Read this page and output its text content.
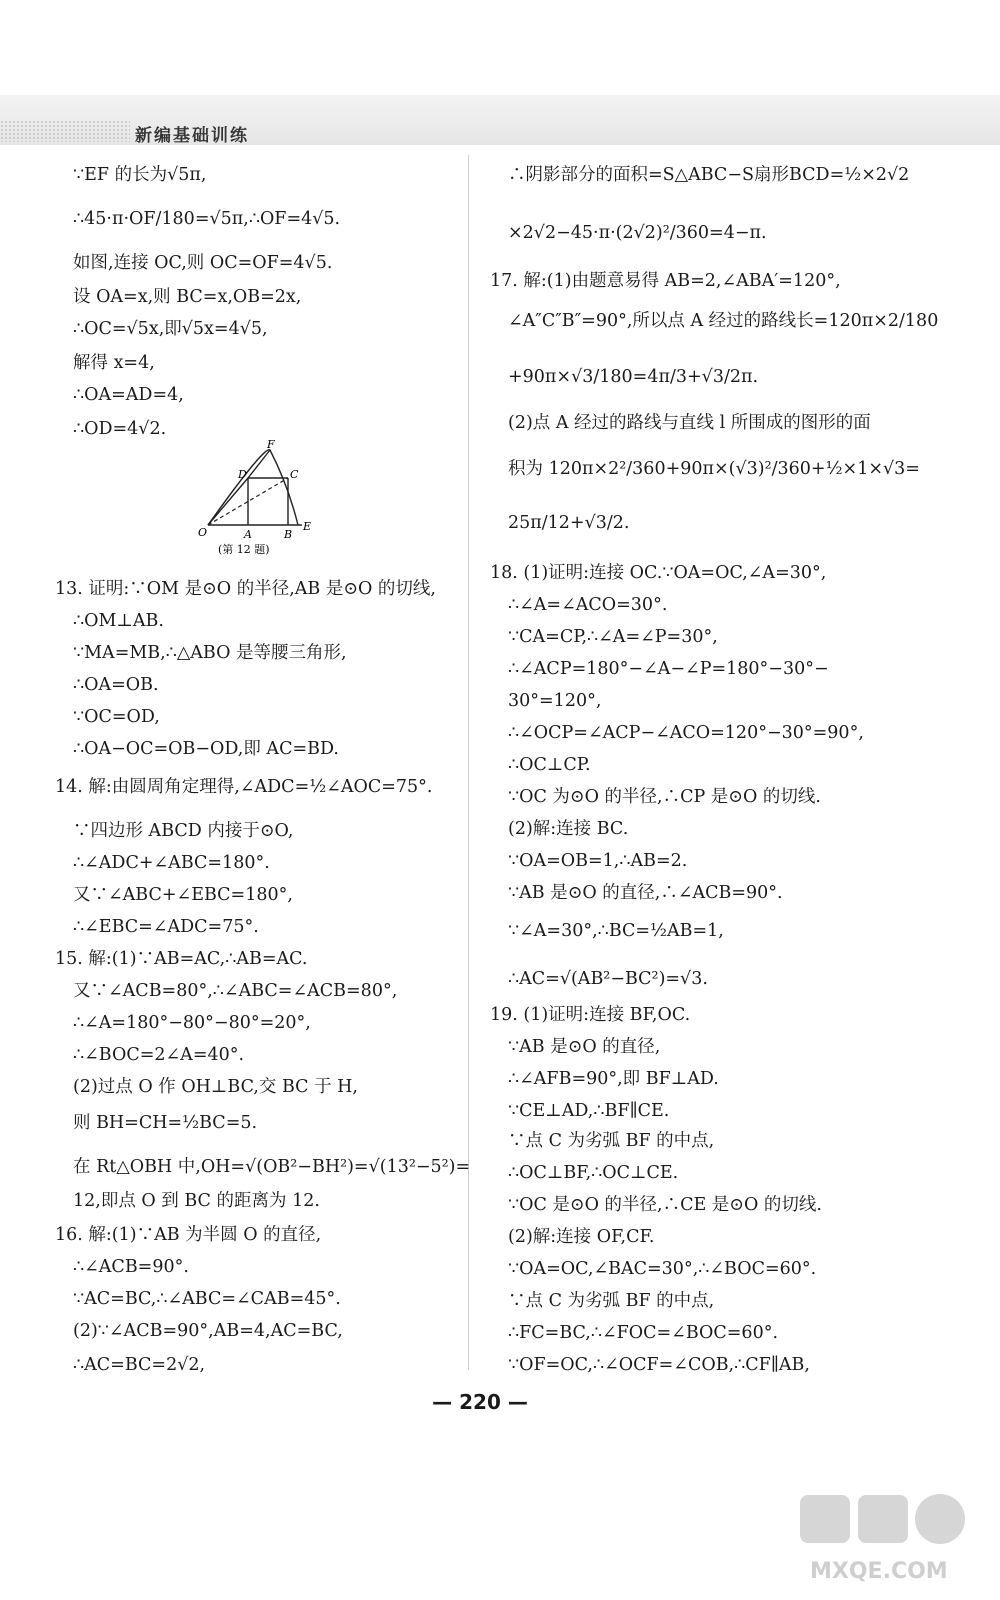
新编基础训练
∵EF 的长为√5π,
∴45·π·OF/180=√5π,∴OF=4√5.
如图,连接 OC,则 OC=OF=4√5.
设 OA=x,则 BC=x,OB=2x,
∴OC=√5x,即√5x=4√5,
解得 x=4,
∴OA=AD=4,
∴OD=4√2.
13. 证明:∵OM 是⊙O 的半径,AB 是⊙O 的切线,
∴OM⊥AB.
∵MA=MB,∴△ABO 是等腰三角形,
∴OA=OB.
∵OC=OD,
∴OA−OC=OB−OD,即 AC=BD.
14. 解:由圆周角定理得,∠ADC=½∠AOC=75°.
∵四边形 ABCD 内接于⊙O,
∴∠ADC+∠ABC=180°.
又∵∠ABC+∠EBC=180°,
∴∠EBC=∠ADC=75°.
15. 解:(1)∵AB=AC,∴AB=AC.
又∵∠ACB=80°,∴∠ABC=∠ACB=80°,
∴∠A=180°−80°−80°=20°,
∴∠BOC=2∠A=40°.
(2)过点 O 作 OH⊥BC,交 BC 于 H,
则 BH=CH=½BC=5.
在 Rt△OBH 中,OH=√(OB²−BH²)=√(13²−5²)=
12,即点 O 到 BC 的距离为 12.
16. 解:(1)∵AB 为半圆 O 的直径,
∴∠ACB=90°.
∵AC=BC,∴∠ABC=∠CAB=45°.
(2)∵∠ACB=90°,AB=4,AC=BC,
∴AC=BC=2√2,
F
D	C
O	A	B
E
(第 12 题)
∴阴影部分的面积=S△ABC−S扇形BCD=½×2√2
×2√2−45·π·(2√2)²/360=4−π.
17. 解:(1)由题意易得 AB=2,∠ABA′=120°,
∠A″C″B″=90°,所以点 A 经过的路线长=120π×2/180
+90π×√3/180=4π/3+√3/2π.
(2)点 A 经过的路线与直线 l 所围成的图形的面
积为 120π×2²/360+90π×(√3)²/360+½×1×√3=
25π/12+√3/2.
18. (1)证明:连接 OC.∵OA=OC,∠A=30°,
∴∠A=∠ACO=30°.
∵CA=CP,∴∠A=∠P=30°,
∴∠ACP=180°−∠A−∠P=180°−30°−
30°=120°,
∴∠OCP=∠ACP−∠ACO=120°−30°=90°,
∴OC⊥CP.
∵OC 为⊙O 的半径,∴CP 是⊙O 的切线.
(2)解:连接 BC.
∵OA=OB=1,∴AB=2.
∵AB 是⊙O 的直径,∴∠ACB=90°.
∵∠A=30°,∴BC=½AB=1,
∴AC=√(AB²−BC²)=√3.
19. (1)证明:连接 BF,OC.
∵AB 是⊙O 的直径,
∴∠AFB=90°,即 BF⊥AD.
∵CE⊥AD,∴BF∥CE.
∵点 C 为劣弧 BF 的中点,
∴OC⊥BF,∴OC⊥CE.
∵OC 是⊙O 的半径,∴CE 是⊙O 的切线.
(2)解:连接 OF,CF.
∵OA=OC,∠BAC=30°,∴∠BOC=60°.
∵点 C 为劣弧 BF 的中点,
∴FC=BC,∴∠FOC=∠BOC=60°.
∵OF=OC,∴∠OCF=∠COB,∴CF∥AB,
— 220 —
MXQE.COM
